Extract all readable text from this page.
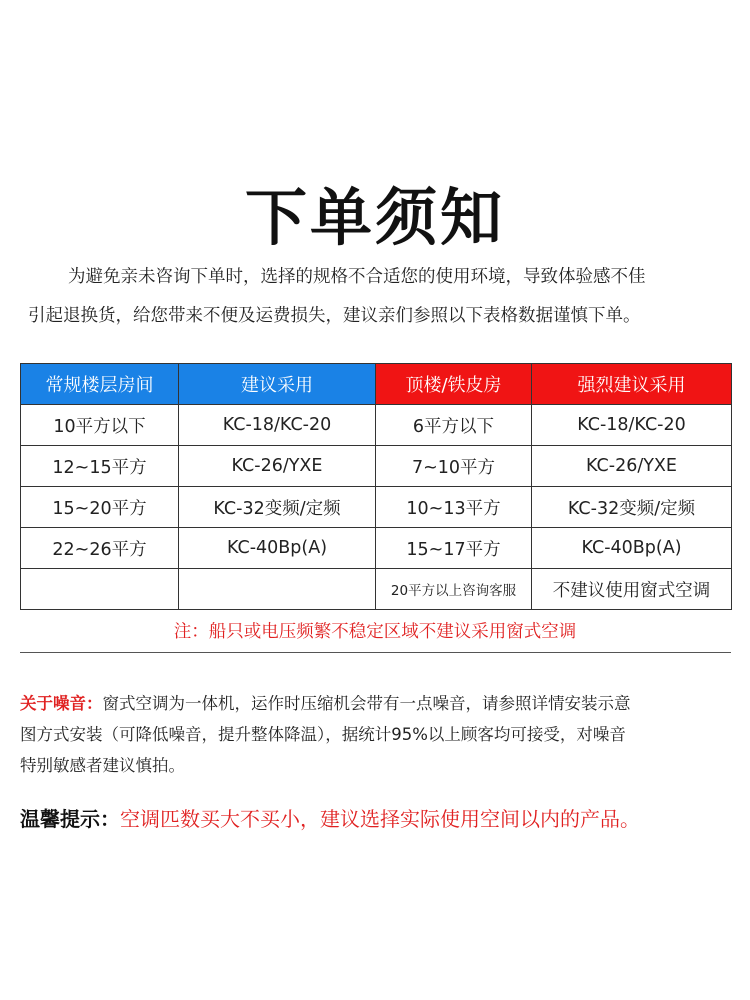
下单须知
为避免亲未咨询下单时，选择的规格不合适您的使用环境，导致体验感不佳
引起退换货，给您带来不便及运费损失，建议亲们参照以下表格数据谨慎下单。
常规楼层房间	建议采用	顶楼/铁皮房	强烈建议采用
10平方以下	KC-18/KC-20	6平方以下	KC-18/KC-20
12~15平方	KC-26/YXE	7~10平方	KC-26/YXE
15~20平方	KC-32变频/定频	10~13平方	KC-32变频/定频
22~26平方	KC-40Bp(A)	15~17平方	KC-40Bp(A)
		20平方以上咨询客服	不建议使用窗式空调
注：船只或电压频繁不稳定区域不建议采用窗式空调
关于噪音：窗式空调为一体机，运作时压缩机会带有一点噪音，请参照详情安装示意
图方式安装（可降低噪音，提升整体降温），据统计95%以上顾客均可接受，对噪音
特别敏感者建议慎拍。
温馨提示：空调匹数买大不买小，建议选择实际使用空间以内的产品。
